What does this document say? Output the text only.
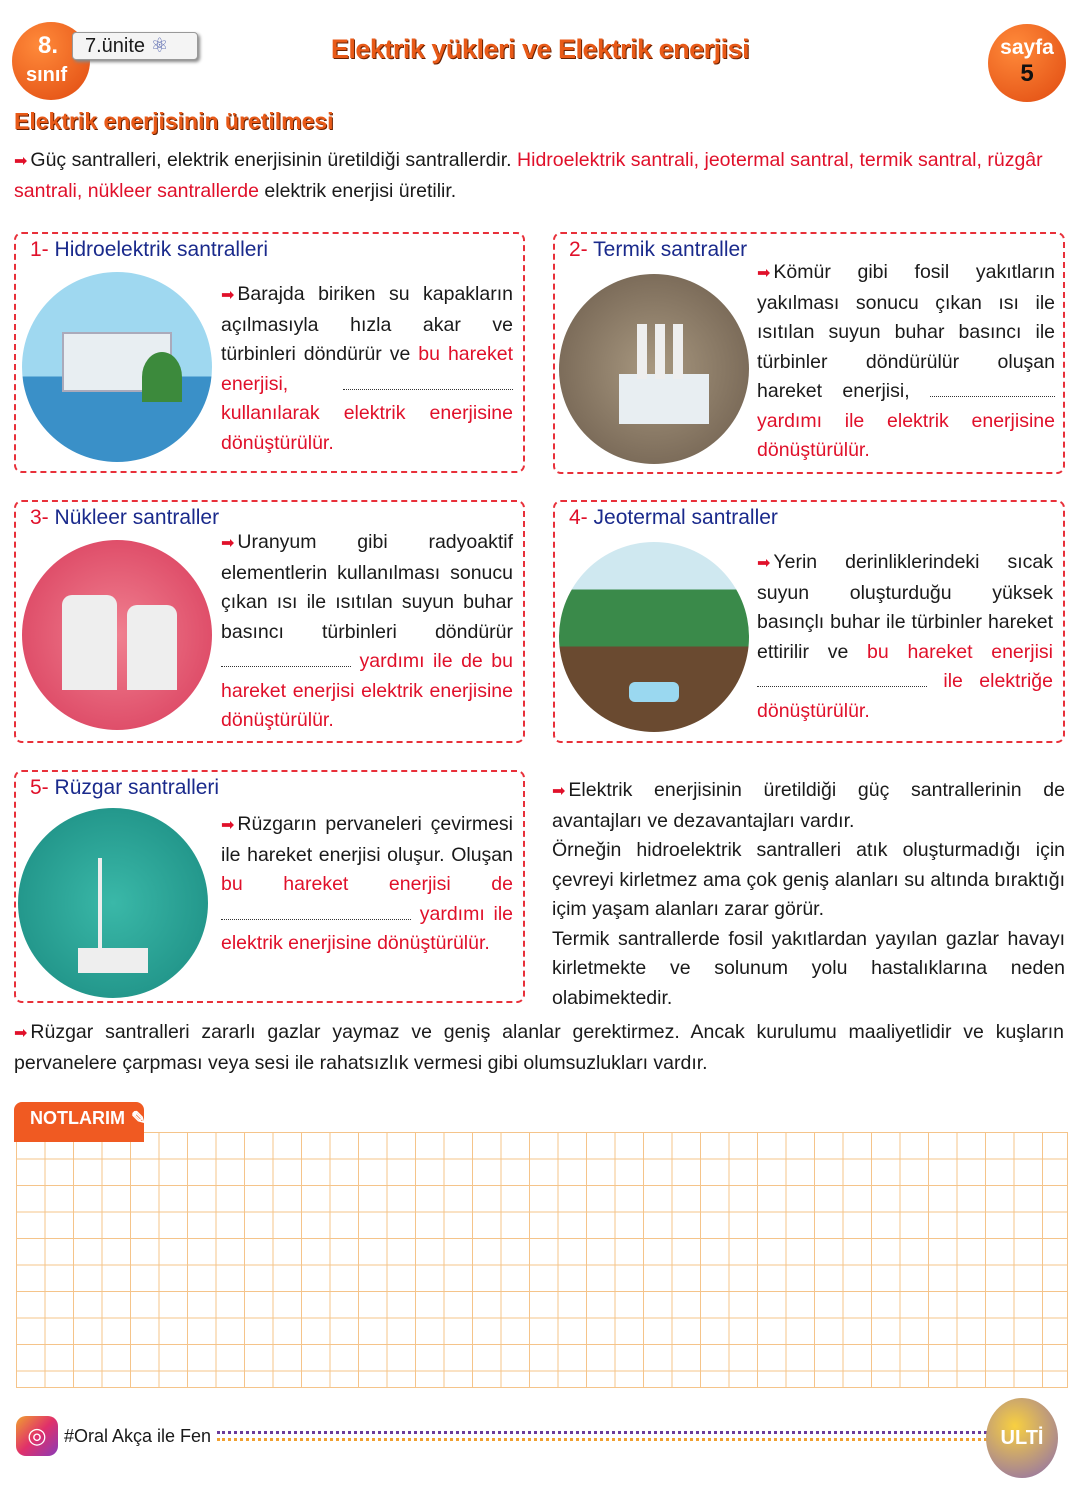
8.
sınıf
7.ünite ⚛	Elektrik yükleri ve Elektrik enerjisi	sayfa
5
Elektrik enerjisinin üretilmesi
➡ Güç santralleri, elektrik enerjisinin üretildiği santrallerdir. Hidroelektrik santrali, jeotermal santral, termik santral, rüzgâr santrali, nükleer santrallerde elektrik enerjisi üretilir.
1- Hidroelektrik santralleri
➡ Barajda biriken su kapakların açılmasıyla hızla akar ve türbinleri döndürür ve bu hareket enerjisi,  kullanılarak elektrik enerjisine dönüştürülür.
2- Termik santraller
➡ Kömür gibi fosil yakıtların yakılması sonucu çıkan ısı ile ısıtılan suyun buhar basıncı ile türbinler döndürülür oluşan hareket enerjisi,  yardımı ile elektrik enerjisine dönüştürülür.
3- Nükleer santraller
➡ Uranyum gibi radyoaktif elementlerin kullanılması sonucu çıkan ısı ile ısıtılan suyun buhar basıncı türbinleri döndürür  yardımı ile de bu hareket enerjisi elektrik enerjisine dönüştürülür.
4- Jeotermal santraller
➡ Yerin derinliklerindeki sıcak suyun oluşturduğu yüksek basınçlı buhar ile türbinler hareket ettirilir ve bu hareket enerjisi  ile elektriğe dönüştürülür.
5- Rüzgar santralleri
➡ Rüzgarın pervaneleri çevirmesi ile hareket enerjisi oluşur. Oluşan bu hareket enerjisi de  yardımı ile elektrik enerjisine dönüştürülür.
➡ Elektrik enerjisinin üretildiği güç santrallerinin de avantajları ve dezavantajları vardır.
Örneğin hidroelektrik santralleri atık oluşturmadığı için çevreyi kirletmez ama çok geniş alanları su altında bıraktığı içim yaşam alanları zarar görür.
Termik santrallerde fosil yakıtlardan yayılan gazlar havayı kirletmekte ve solunum yolu hastalıklarına neden olabimektedir.
➡ Rüzgar santralleri zararlı gazlar yaymaz ve geniş alanlar gerektirmez. Ancak kurulumu maaliyetlidir ve kuşların pervanelere çarpması veya sesi ile rahatsızlık vermesi gibi olumsuzlukları vardır.
NOTLARIM ✎
◎ #Oral Akça ile Fen	ULTİ
